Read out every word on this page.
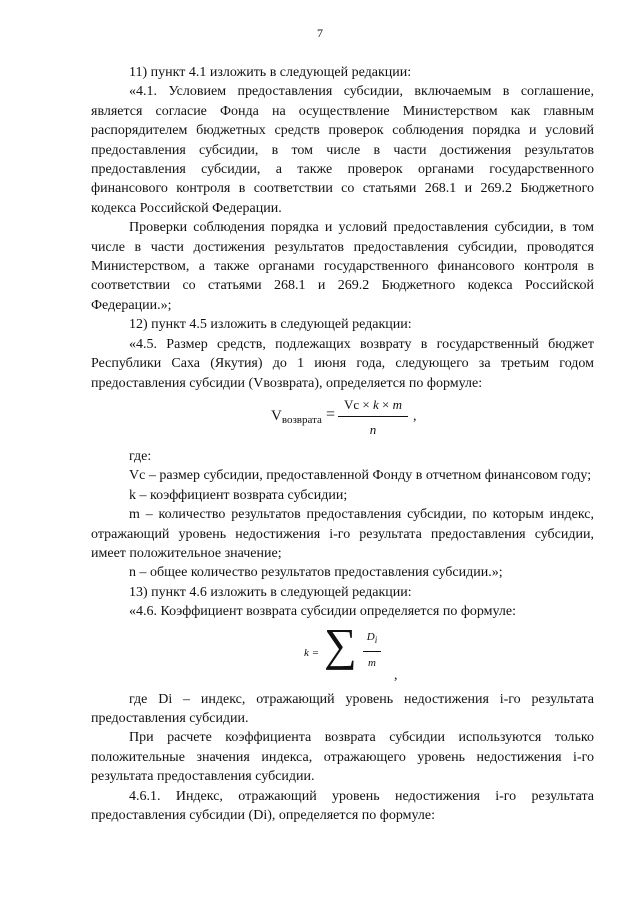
7

11) пункт 4.1 изложить в следующей редакции:

«4.1. Условием предоставления субсидии, включаемым в соглашение, является согласие Фонда на осуществление Министерством как главным распорядителем бюджетных средств проверок соблюдения порядка и условий предоставления субсидии, в том числе в части достижения результатов предоставления субсидии, а также проверок органами государственного финансового контроля в соответствии со статьями 268.1 и 269.2 Бюджетного кодекса Российской Федерации.

Проверки соблюдения порядка и условий предоставления субсидии, в том числе в части достижения результатов предоставления субсидии, проводятся Министерством, а также органами государственного финансового контроля в соответствии со статьями 268.1 и 269.2 Бюджетного кодекса Российской Федерации.»;

12) пункт 4.5 изложить в следующей редакции:

«4.5. Размер средств, подлежащих возврату в государственный бюджет Республики Саха (Якутия) до 1 июня года, следующего за третьим годом предоставления субсидии (Vвозврата), определяется по формуле:

$V_{возврата}$ =
Vс × k × m
n
,

где:

Vс – размер субсидии, предоставленной Фонду в отчетном финансовом году;

k – коэффициент возврата субсидии;

m – количество результатов предоставления субсидии, по которым индекс, отражающий уровень недостижения i-го результата предоставления субсидии, имеет положительное значение;

n – общее количество результатов предоставления субсидии.»;

13) пункт 4.6 изложить в следующей редакции:

«4.6. Коэффициент возврата субсидии определяется по формуле:

k = ∑ $\frac{D_i}{m}$
,

где Di – индекс, отражающий уровень недостижения i-го результата предоставления субсидии.

При расчете коэффициента возврата субсидии используются только положительные значения индекса, отражающего уровень недостижения i-го результата предоставления субсидии.

4.6.1. Индекс, отражающий уровень недостижения i-го результата предоставления субсидии (Di), определяется по формуле:
